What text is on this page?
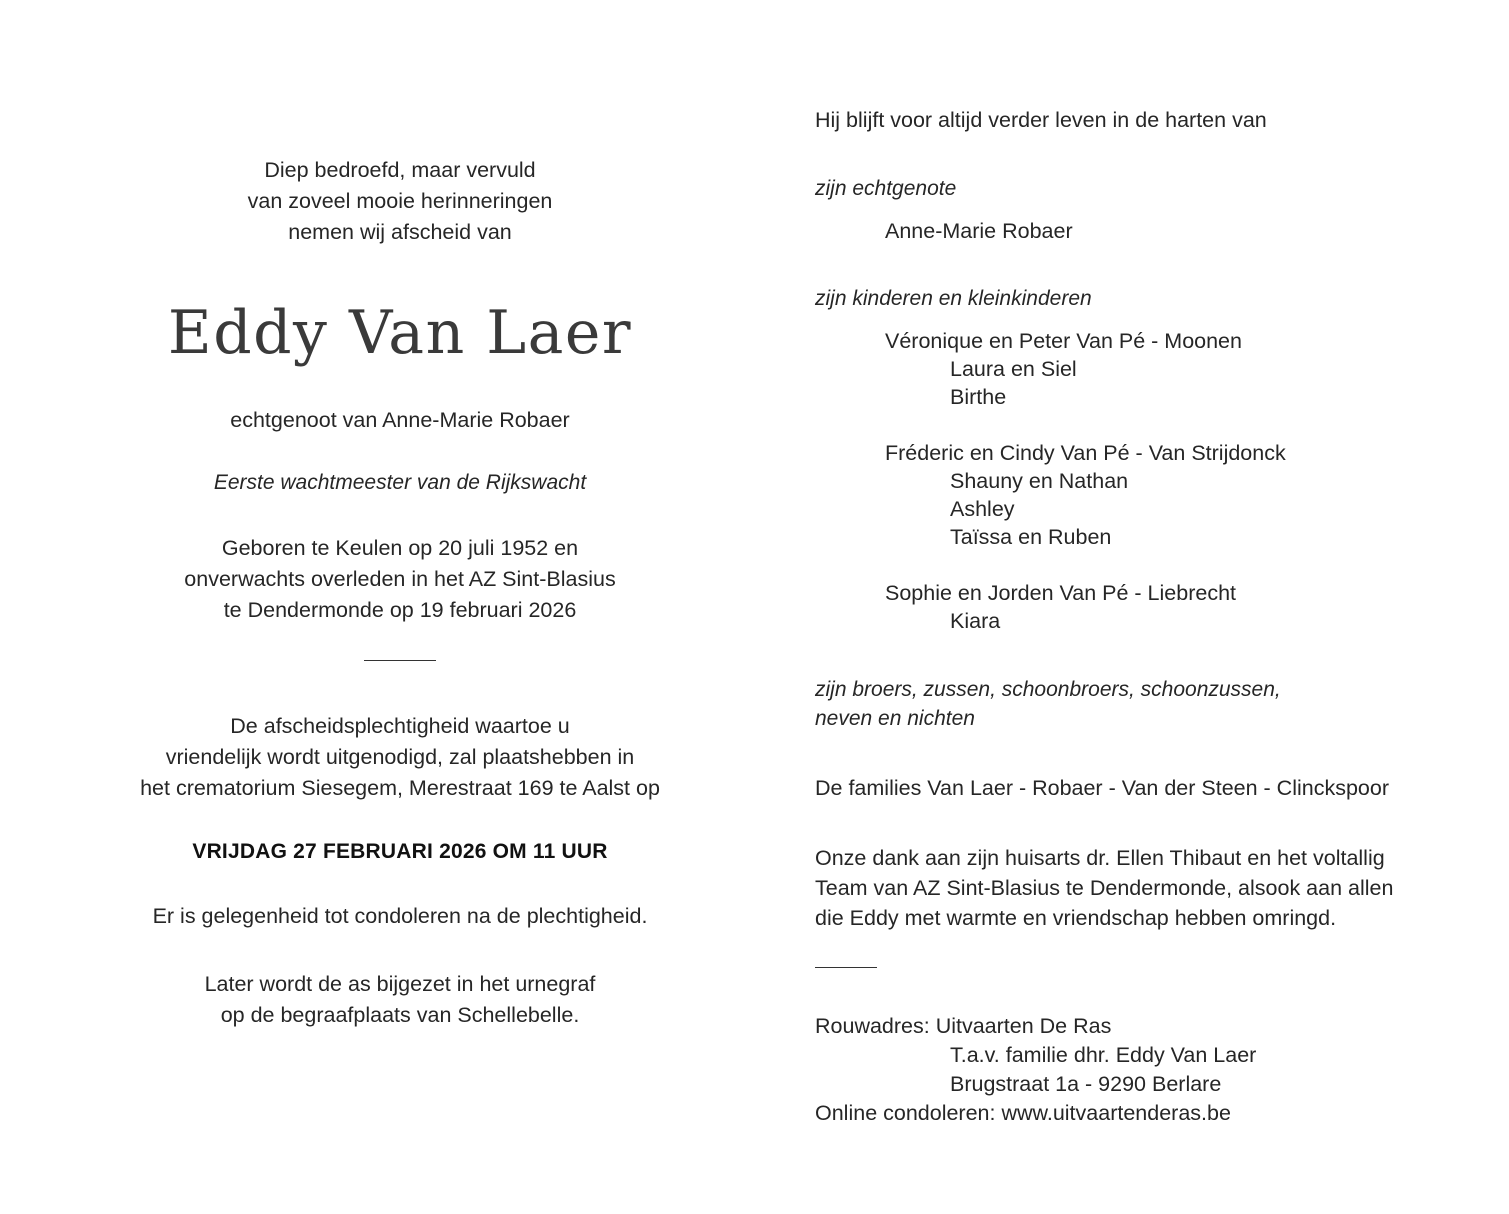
Diep bedroefd, maar vervuld
van zoveel mooie herinneringen
nemen wij afscheid van
Eddy Van Laer
echtgenoot van Anne-Marie Robaer
Eerste wachtmeester van de Rijkswacht
Geboren te Keulen op 20 juli 1952 en
onverwachts overleden in het AZ Sint-Blasius
te Dendermonde op 19 februari 2026
De afscheidsplechtigheid waartoe u
vriendelijk wordt uitgenodigd, zal plaatshebben in
het crematorium Siesegem, Merestraat 169 te Aalst op
VRIJDAG 27 FEBRUARI 2026 OM 11 UUR
Er is gelegenheid tot condoleren na de plechtigheid.
Later wordt de as bijgezet in het urnegraf
op de begraafplaats van Schellebelle.
Hij blijft voor altijd verder leven in de harten van
zijn echtgenote
Anne-Marie Robaer
zijn kinderen en kleinkinderen
Véronique en Peter Van Pé - Moonen
Laura en Siel
Birthe
Fréderic en Cindy Van Pé - Van Strijdonck
Shauny en Nathan
Ashley
Taïssa en Ruben
Sophie en Jorden Van Pé - Liebrecht
Kiara
zijn broers, zussen, schoonbroers, schoonzussen,
neven en nichten
De families Van Laer - Robaer - Van der Steen - Clinckspoor
Onze dank aan zijn huisarts dr. Ellen Thibaut en het voltallig
Team van AZ Sint-Blasius te Dendermonde, alsook aan allen
die Eddy met warmte en vriendschap hebben omringd.
Rouwadres: Uitvaarten De Ras
T.a.v. familie dhr. Eddy Van Laer
Brugstraat 1a - 9290 Berlare
Online condoleren: www.uitvaartenderas.be
